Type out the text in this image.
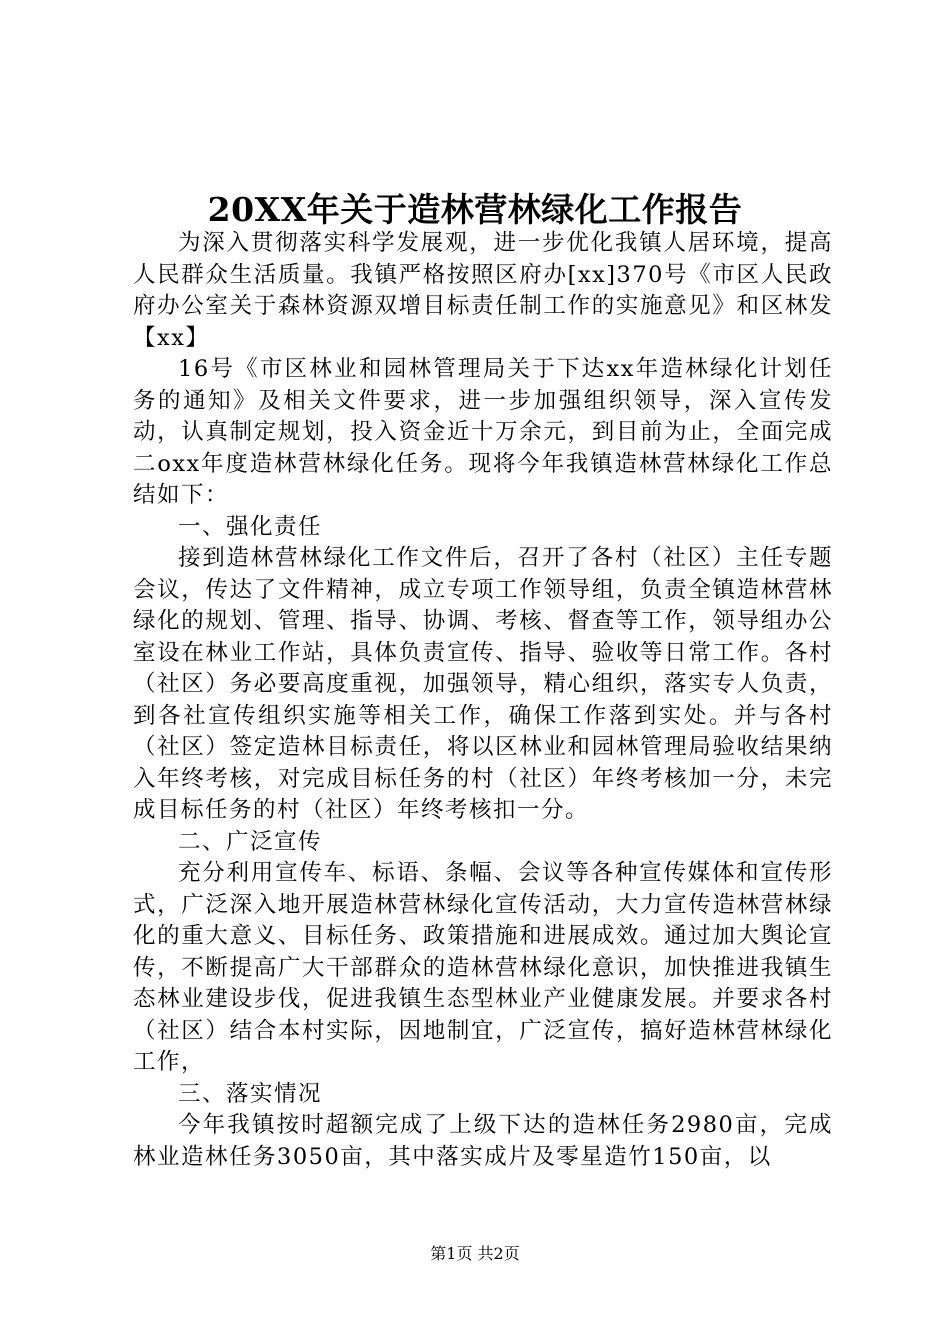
20XX年关于造林营林绿化工作报告

为深入贯彻落实科学发展观，进一步优化我镇人居环境，提高人民群众生活质量。我镇严格按照区府办[xx]370号《市区人民政府办公室关于森林资源双增目标责任制工作的实施意见》和区林发【xx】

16号《市区林业和园林管理局关于下达xx年造林绿化计划任务的通知》及相关文件要求，进一步加强组织领导，深入宣传发动，认真制定规划，投入资金近十万余元，到目前为止，全面完成二oxx年度造林营林绿化任务。现将今年我镇造林营林绿化工作总结如下：

一、强化责任

接到造林营林绿化工作文件后，召开了各村（社区）主任专题会议，传达了文件精神，成立专项工作领导组，负责全镇造林营林绿化的规划、管理、指导、协调、考核、督查等工作，领导组办公室设在林业工作站，具体负责宣传、指导、验收等日常工作。各村（社区）务必要高度重视，加强领导，精心组织，落实专人负责，到各社宣传组织实施等相关工作，确保工作落到实处。并与各村（社区）签定造林目标责任，将以区林业和园林管理局验收结果纳入年终考核，对完成目标任务的村（社区）年终考核加一分，未完成目标任务的村（社区）年终考核扣一分。

二、广泛宣传

充分利用宣传车、标语、条幅、会议等各种宣传媒体和宣传形式，广泛深入地开展造林营林绿化宣传活动，大力宣传造林营林绿化的重大意义、目标任务、政策措施和进展成效。通过加大舆论宣传，不断提高广大干部群众的造林营林绿化意识，加快推进我镇生态林业建设步伐，促进我镇生态型林业产业健康发展。并要求各村（社区）结合本村实际，因地制宜，广泛宣传，搞好造林营林绿化工作，

三、落实情况

今年我镇按时超额完成了上级下达的造林任务2980亩，完成林业造林任务3050亩，其中落实成片及零星造竹150亩，以

第1页 共2页
